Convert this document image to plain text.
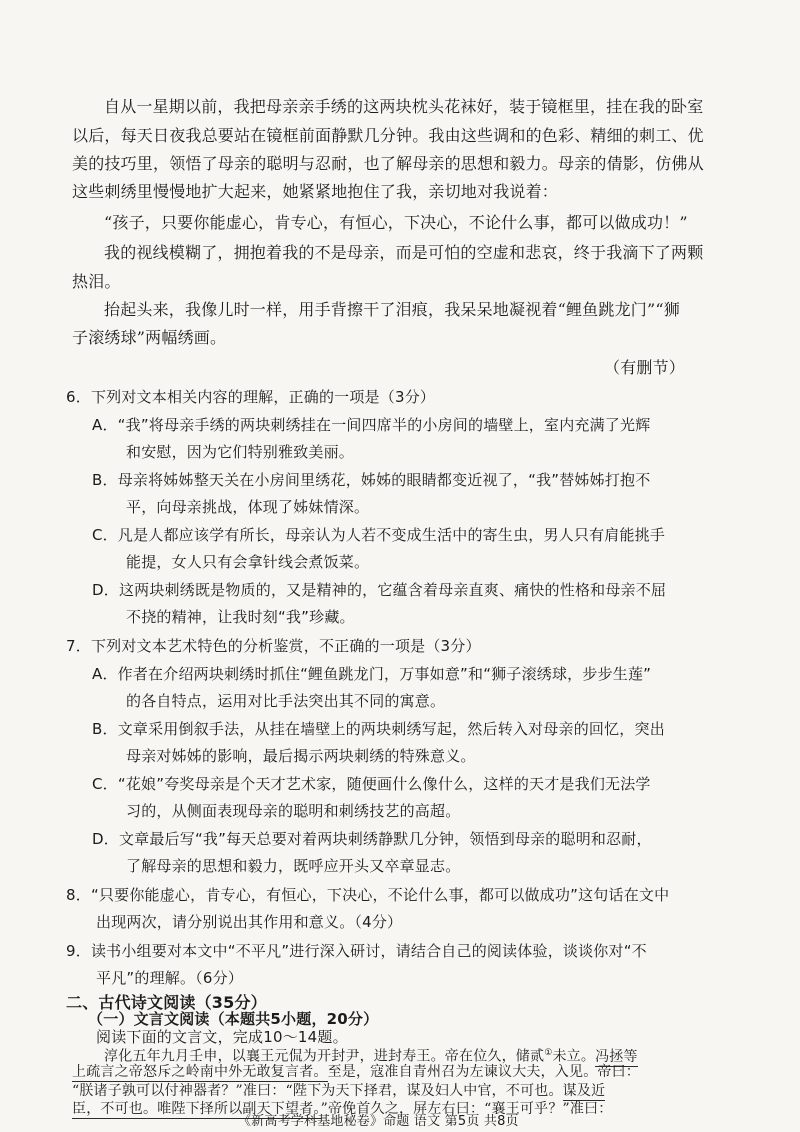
自从一星期以前，我把母亲亲手绣的这两块枕头花袜好，装于镜框里，挂在我的卧室
以后，每天日夜我总要站在镜框前面静默几分钟。我由这些调和的色彩、精细的刺工、优
美的技巧里，领悟了母亲的聪明与忍耐，也了解母亲的思想和毅力。母亲的倩影，仿佛从
这些刺绣里慢慢地扩大起来，她紧紧地抱住了我，亲切地对我说着：
“孩子，只要你能虚心，肯专心，有恒心，下决心，不论什么事，都可以做成功！”
我的视线模糊了，拥抱着我的不是母亲，而是可怕的空虚和悲哀，终于我滴下了两颗
热泪。
抬起头来，我像儿时一样，用手背擦干了泪痕，我呆呆地凝视着“鲤鱼跳龙门”“狮
子滚绣球”两幅绣画。
（有删节）
6．下列对文本相关内容的理解，正确的一项是（3分）
A．“我”将母亲手绣的两块刺绣挂在一间四席半的小房间的墙壁上，室内充满了光辉
和安慰，因为它们特别雅致美丽。
B．母亲将姊姊整天关在小房间里绣花，姊姊的眼睛都变近视了，“我”替姊姊打抱不
平，向母亲挑战，体现了姊妹情深。
C．凡是人都应该学有所长，母亲认为人若不变成生活中的寄生虫，男人只有肩能挑手
能提，女人只有会拿针线会煮饭菜。
D．这两块刺绣既是物质的，又是精神的，它蕴含着母亲直爽、痛快的性格和母亲不屈
不挠的精神，让我时刻“我”珍藏。
7．下列对文本艺术特色的分析鉴赏，不正确的一项是（3分）
A．作者在介绍两块刺绣时抓住“鲤鱼跳龙门，万事如意”和“狮子滚绣球，步步生莲”
的各自特点，运用对比手法突出其不同的寓意。
B．文章采用倒叙手法，从挂在墙壁上的两块刺绣写起，然后转入对母亲的回忆，突出
母亲对姊姊的影响，最后揭示两块刺绣的特殊意义。
C．“花娘”夸奖母亲是个天才艺术家，随便画什么像什么，这样的天才是我们无法学
习的，从侧面表现母亲的聪明和刺绣技艺的高超。
D．文章最后写“我”每天总要对着两块刺绣静默几分钟，领悟到母亲的聪明和忍耐，
了解母亲的思想和毅力，既呼应开头又卒章显志。
8．“只要你能虚心，肯专心，有恒心，下决心，不论什么事，都可以做成功”这句话在文中
出现两次，请分别说出其作用和意义。（4分）
9．读书小组要对本文中“不平凡”进行深入研讨，请结合自己的阅读体验，谈谈你对“不
平凡”的理解。（6分）
二、古代诗文阅读（35分）
（一）文言文阅读（本题共5小题，20分）
阅读下面的文言文，完成10～14题。
淳化五年九月壬申，以襄王元侃为开封尹，进封寿王。帝在位久，储贰①未立。冯拯等
上疏言之帝怒斥之岭南中外无敢复言者。至是，寇准自青州召为左谏议大夫，入见。帝曰：
“朕诸子孰可以付神器者？”准曰：“陛下为天下择君，谋及妇人中官，不可也。谋及近
臣，不可也。唯陛下择所以副天下望者。”帝俛首久之，屏左右曰：“襄王可乎？”准曰：
《新高考学科基地秘卷》命题 语文 第5页 共8页
